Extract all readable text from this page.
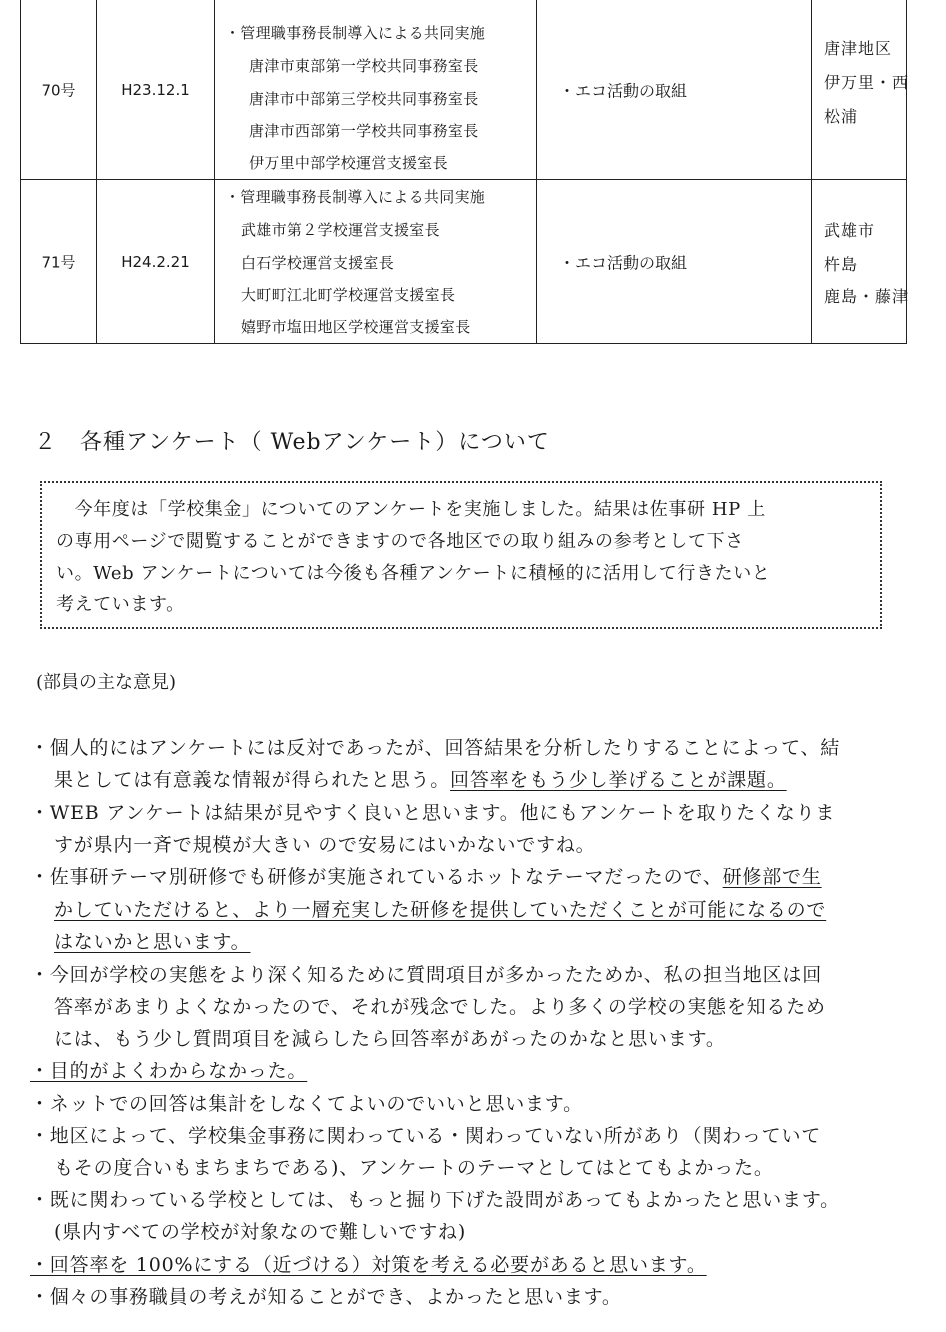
70号	H23.12.1
・管理職事務長制導入による共同実施
唐津市東部第一学校共同事務室長
唐津市中部第三学校共同事務室長
唐津市西部第一学校共同事務室長
伊万里中部学校運営支援室長
・エコ活動の取組
唐津地区
伊万里・西
松浦
71号	H24.2.21
・管理職事務長制導入による共同実施
武雄市第２学校運営支援室長
白石学校運営支援室長
大町町江北町学校運営支援室長
嬉野市塩田地区学校運営支援室長
・エコ活動の取組
武雄市
杵島
鹿島・藤津
２　各種アンケート（ Webアンケート）について
　今年度は「学校集金」についてのアンケートを実施しました。結果は佐事研 HP 上
の専用ページで閲覧することができますので各地区での取り組みの参考として下さ
い。Web アンケートについては今後も各種アンケートに積極的に活用して行きたいと
考えています。
(部員の主な意見)
・個人的にはアンケートには反対であったが、回答結果を分析したりすることによって、結
果としては有意義な情報が得られたと思う。回答率をもう少し挙げることが課題。
・WEB アンケートは結果が見やすく良いと思います。他にもアンケートを取りたくなりま
すが県内一斉で規模が大きい ので安易にはいかないですね。
・佐事研テーマ別研修でも研修が実施されているホットなテーマだったので、研修部で生
かしていただけると、より一層充実した研修を提供していただくことが可能になるので
はないかと思います。
・今回が学校の実態をより深く知るために質問項目が多かったためか、私の担当地区は回
答率があまりよくなかったので、それが残念でした。より多くの学校の実態を知るため
には、もう少し質問項目を減らしたら回答率があがったのかなと思います。
・目的がよくわからなかった。
・ネットでの回答は集計をしなくてよいのでいいと思います。
・地区によって、学校集金事務に関わっている・関わっていない所があり（関わっていて
もその度合いもまちまちである)、アンケートのテーマとしてはとてもよかった。
・既に関わっている学校としては、もっと掘り下げた設問があってもよかったと思います。
(県内すべての学校が対象なので難しいですね)
・回答率を 100%にする（近づける）対策を考える必要があると思います。
・個々の事務職員の考えが知ることができ、よかったと思います。
